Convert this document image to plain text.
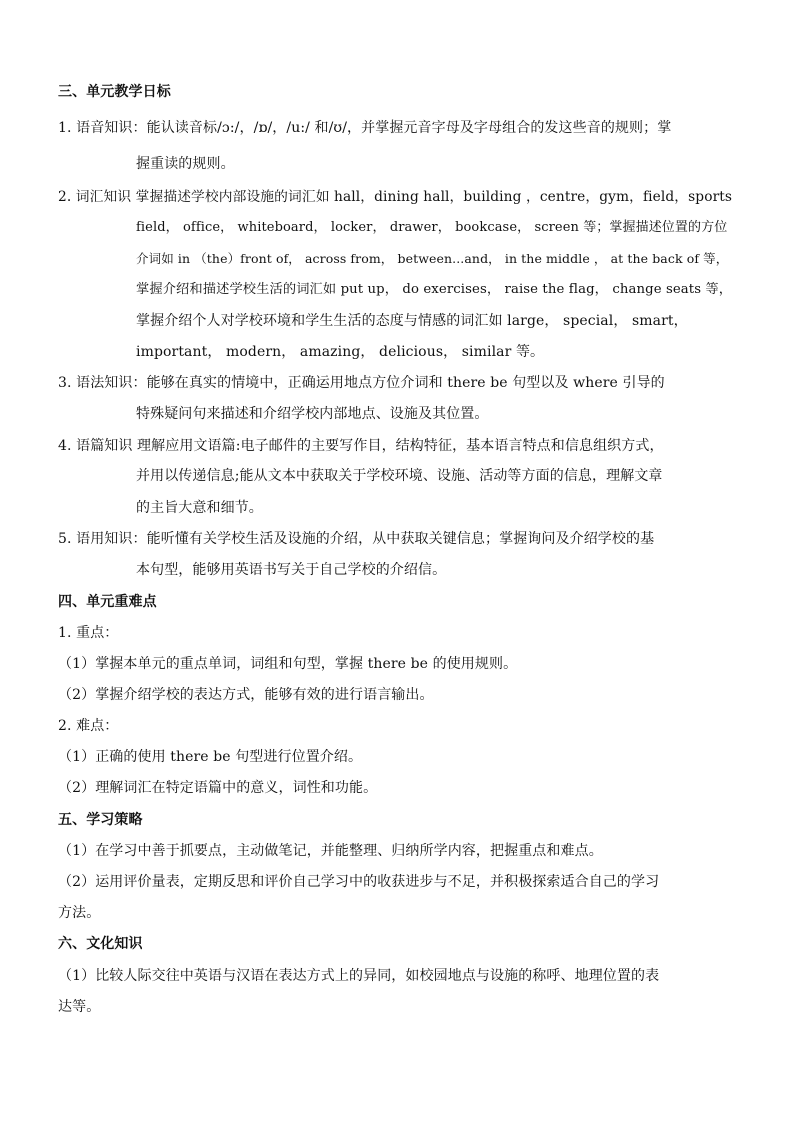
三、单元教学日标
1. 语音知识：能认读音标/ɔ:/，/ɒ/，/u:/ 和/ʊ/，并掌握元音字母及字母组合的发这些音的规则；掌
握重读的规则。
2. 词汇知识 掌握描述学校内部设施的词汇如 hall，dining hall，building ，centre，gym，field，sports
field， office， whiteboard， locker， drawer， bookcase， screen 等；掌握描述位置的方位
介词如 in （the）front of， across from， between...and， in the middle ， at the back of 等，
掌握介绍和描述学校生活的词汇如 put up， do exercises， raise the flag， change seats 等，
掌握介绍个人对学校环境和学生生活的态度与情感的词汇如 large， special， smart，
important， modern， amazing， delicious， similar 等。
3. 语法知识：能够在真实的情境中，正确运用地点方位介词和 there be 句型以及 where 引导的
特殊疑问句来描述和介绍学校内部地点、设施及其位置。
4. 语篇知识 理解应用文语篇:电子邮件的主要写作目，结构特征，基本语言特点和信息组织方式，
并用以传递信息;能从文本中获取关于学校环境、设施、活动等方面的信息，理解文章
的主旨大意和细节。
5. 语用知识：能听懂有关学校生活及设施的介绍，从中获取关键信息；掌握询问及介绍学校的基
本句型，能够用英语书写关于自己学校的介绍信。
四、单元重难点
1. 重点：
（1）掌握本单元的重点单词，词组和句型，掌握 there be 的使用规则。
（2）掌握介绍学校的表达方式，能够有效的进行语言输出。
2. 难点：
（1）正确的使用 there be 句型进行位置介绍。
（2）理解词汇在特定语篇中的意义，词性和功能。
五、学习策略
（1）在学习中善于抓要点，主动做笔记，并能整理、归纳所学内容，把握重点和难点。
（2）运用评价量表，定期反思和评价自己学习中的收获进步与不足，并积极探索适合自己的学习
方法。
六、文化知识
（1）比较人际交往中英语与汉语在表达方式上的异同，如校园地点与设施的称呼、地理位置的表
达等。
